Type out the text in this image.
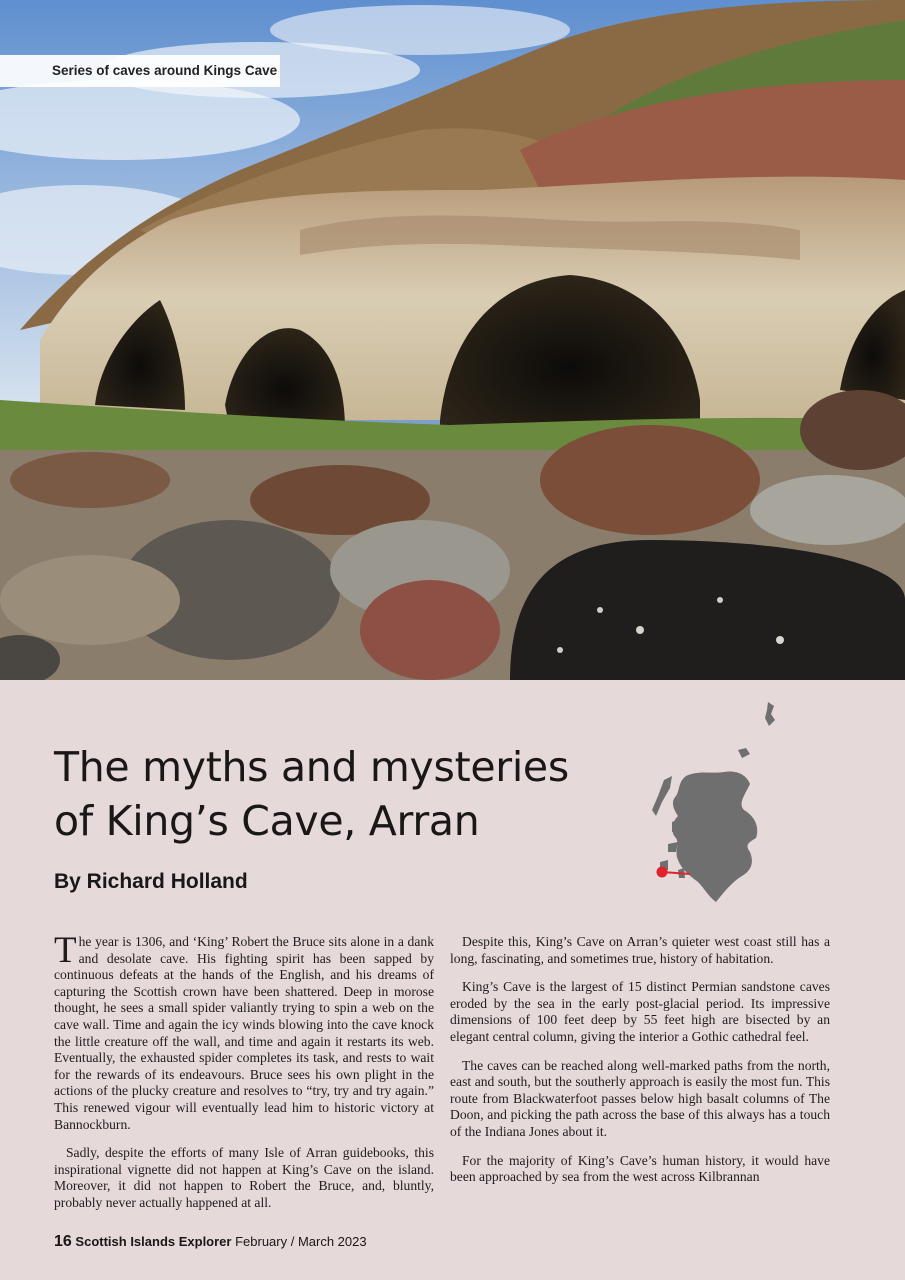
Series of caves around Kings Cave
The myths and mysteries
of King’s Cave, Arran
By Richard Holland

The year is 1306, and ‘King’ Robert the Bruce sits alone in a dank and desolate cave. His fighting spirit has been sapped by continuous defeats at the hands of the English, and his dreams of capturing the Scottish crown have been shattered. Deep in morose thought, he sees a small spider valiantly trying to spin a web on the cave wall. Time and again the icy winds blowing into the cave knock the little creature off the wall, and time and again it restarts its web. Eventually, the exhausted spider completes its task, and rests to wait for the rewards of its endeavours. Bruce sees his own plight in the actions of the plucky creature and resolves to “try, try and try again.” This renewed vigour will eventually lead him to historic victory at Bannockburn.

Sadly, despite the efforts of many Isle of Arran guidebooks, this inspirational vignette did not happen at King’s Cave on the island. Moreover, it did not happen to Robert the Bruce, and, bluntly, probably never actually happened at all.

Despite this, King’s Cave on Arran’s quieter west coast still has a long, fascinating, and sometimes true, history of habitation.

King’s Cave is the largest of 15 distinct Permian sandstone caves eroded by the sea in the early post-glacial period. Its impressive dimensions of 100 feet deep by 55 feet high are bisected by an elegant central column, giving the interior a Gothic cathedral feel.

The caves can be reached along well-marked paths from the north, east and south, but the southerly approach is easily the most fun. This route from Blackwaterfoot passes below high basalt columns of The Doon, and picking the path across the base of this always has a touch of the Indiana Jones about it.

For the majority of King’s Cave’s human history, it would have been approached by sea from the west across Kilbrannan

16 Scottish Islands Explorer February / March 2023
